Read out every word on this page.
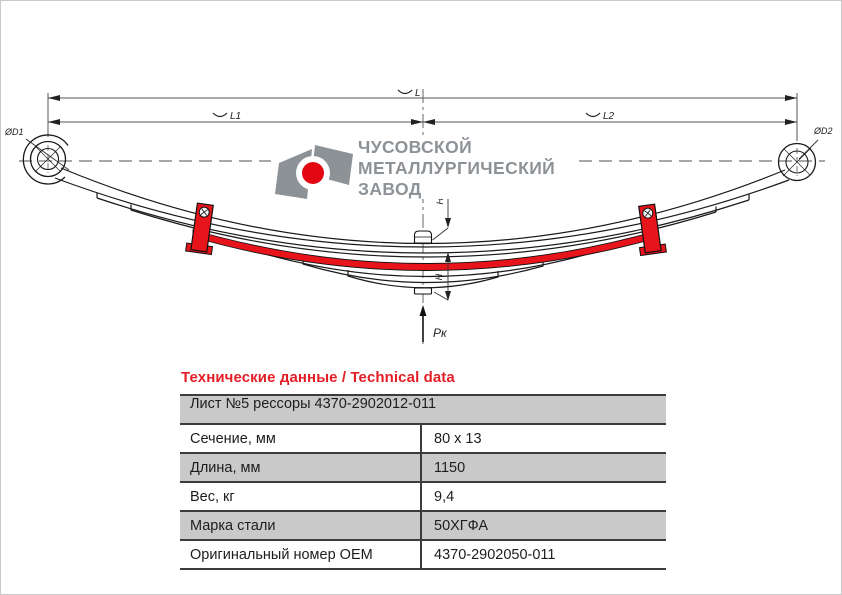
L
L1	L2
ØD1	ØD2
Н
Pк
ЧУСОВСКОЙ
МЕТАЛЛУРГИЧЕСКИЙ
ЗАВОД
Технические данные / Technical data
Лист №5 рессоры 4370-2902012-011
Сечение, мм	80 x 13
Длина, мм	1150
Вес, кг	9,4
Марка стали	50ХГФА
Оригинальный номер OEM	4370-2902050-011
